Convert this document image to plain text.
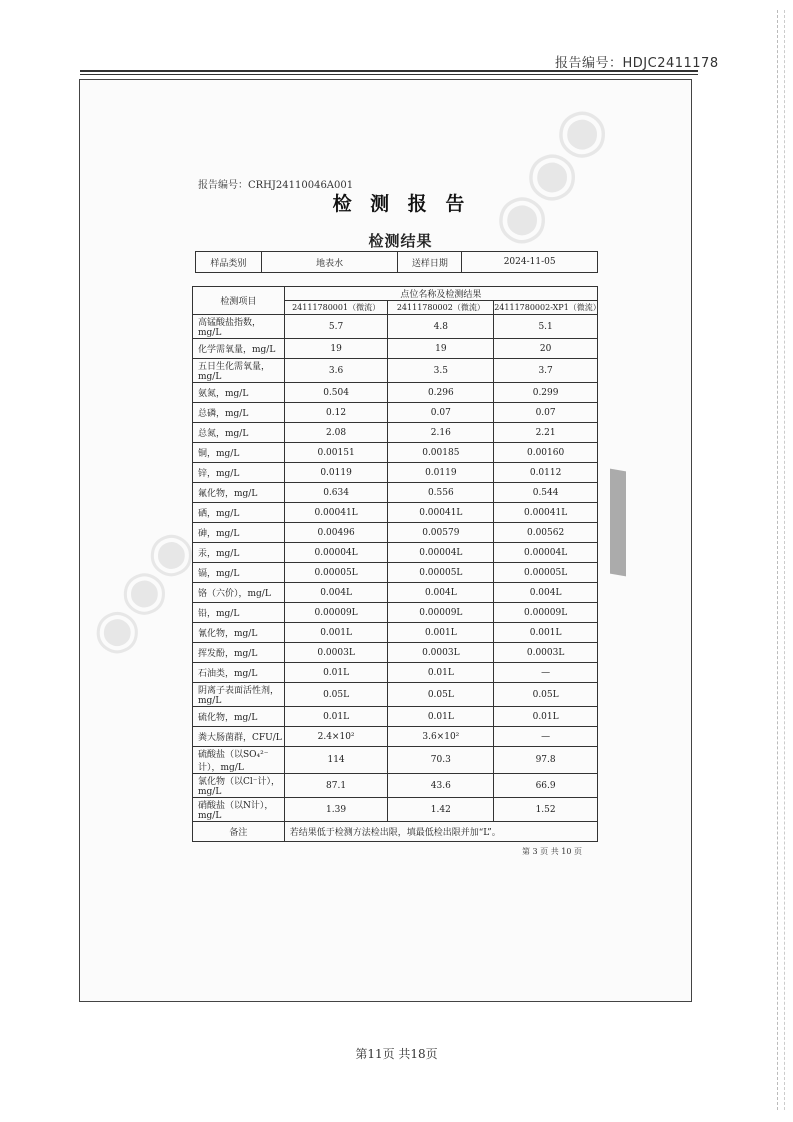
报告编号：HDJC2411178
◉◉◉
◉◉◉
报告编号：CRHJ24110046A001
检 测 报 告
检测结果
样品类别	地表水	送样日期	2024-11-05
检测项目	点位名称及检测结果		
	24111780001（微流）	24111780002（微流）	24111780002-XP1（微流）
高锰酸盐指数，mg/L	5.7	4.8	5.1
化学需氧量，mg/L	19	19	20
五日生化需氧量，mg/L	3.6	3.5	3.7
氨氮，mg/L	0.504	0.296	0.299
总磷，mg/L	0.12	0.07	0.07
总氮，mg/L	2.08	2.16	2.21
铜，mg/L	0.00151	0.00185	0.00160
锌，mg/L	0.0119	0.0119	0.0112
氟化物，mg/L	0.634	0.556	0.544
硒，mg/L	0.00041L	0.00041L	0.00041L
砷，mg/L	0.00496	0.00579	0.00562
汞，mg/L	0.00004L	0.00004L	0.00004L
镉，mg/L	0.00005L	0.00005L	0.00005L
铬（六价），mg/L	0.004L	0.004L	0.004L
铅，mg/L	0.00009L	0.00009L	0.00009L
氰化物，mg/L	0.001L	0.001L	0.001L
挥发酚，mg/L	0.0003L	0.0003L	0.0003L
石油类，mg/L	0.01L	0.01L	—
阴离子表面活性剂，mg/L	0.05L	0.05L	0.05L
硫化物，mg/L	0.01L	0.01L	0.01L
粪大肠菌群，CFU/L	2.4×10²	3.6×10²	—
硫酸盐（以SO₄²⁻计），mg/L	114	70.3	97.8
氯化物（以Cl⁻计），mg/L	87.1	43.6	66.9
硝酸盐（以N计），mg/L	1.39	1.42	1.52
备注	若结果低于检测方法检出限，填最低检出限并加“L”。		
第 3 页 共 10 页
第11页 共18页
